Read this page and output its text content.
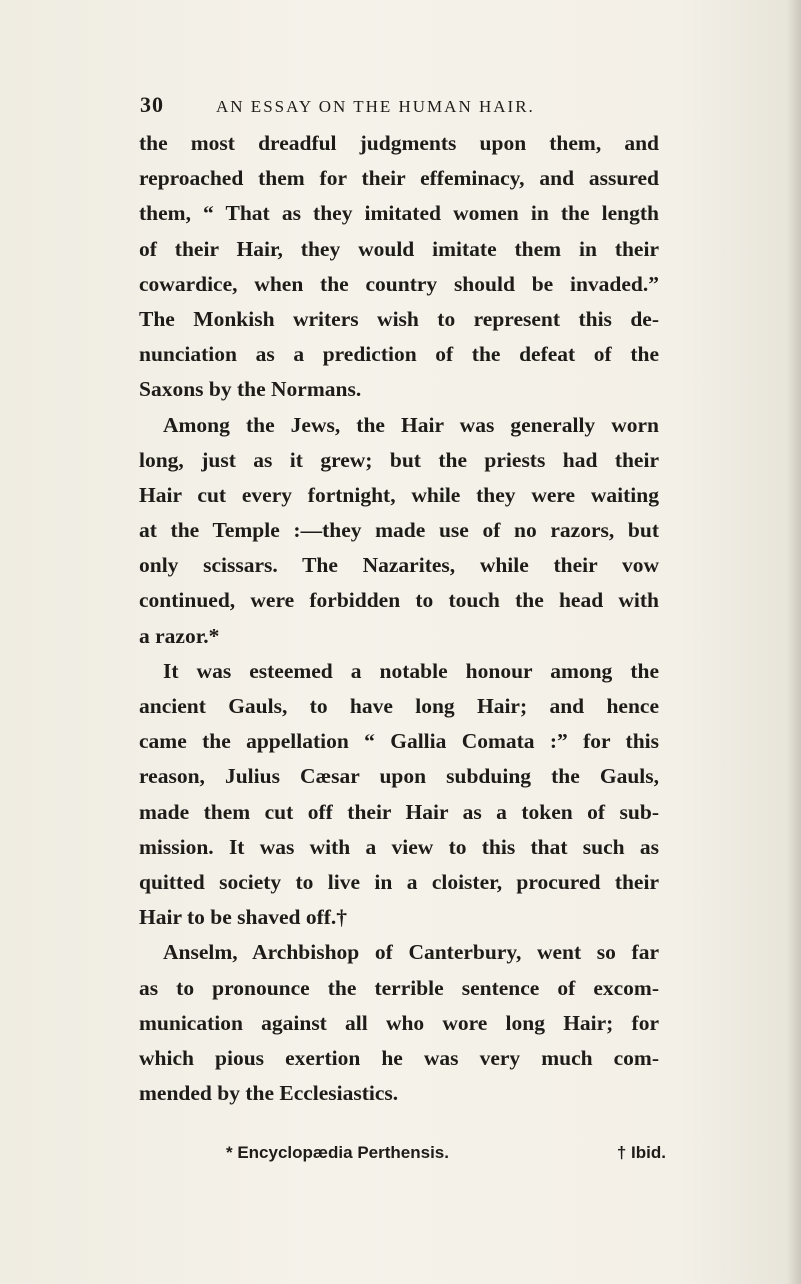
30	AN ESSAY ON THE HUMAN HAIR.
the most dreadful judgments upon them, and
reproached them for their effeminacy, and assured
them, “ That as they imitated women in the length
of their Hair, they would imitate them in their
cowardice, when the country should be invaded.”
The Monkish writers wish to represent this de-
nunciation as a prediction of the defeat of the
Saxons by the Normans.
Among the Jews, the Hair was generally worn
long, just as it grew; but the priests had their
Hair cut every fortnight, while they were waiting
at the Temple :—they made use of no razors, but
only scissars. The Nazarites, while their vow
continued, were forbidden to touch the head with
a razor.*
It was esteemed a notable honour among the
ancient Gauls, to have long Hair; and hence
came the appellation “ Gallia Comata :” for this
reason, Julius Cæsar upon subduing the Gauls,
made them cut off their Hair as a token of sub-
mission. It was with a view to this that such as
quitted society to live in a cloister, procured their
Hair to be shaved off.†
Anselm, Archbishop of Canterbury, went so far
as to pronounce the terrible sentence of excom-
munication against all who wore long Hair; for
which pious exertion he was very much com-
mended by the Ecclesiastics.
* Encyclopædia Perthensis.	† Ibid.
